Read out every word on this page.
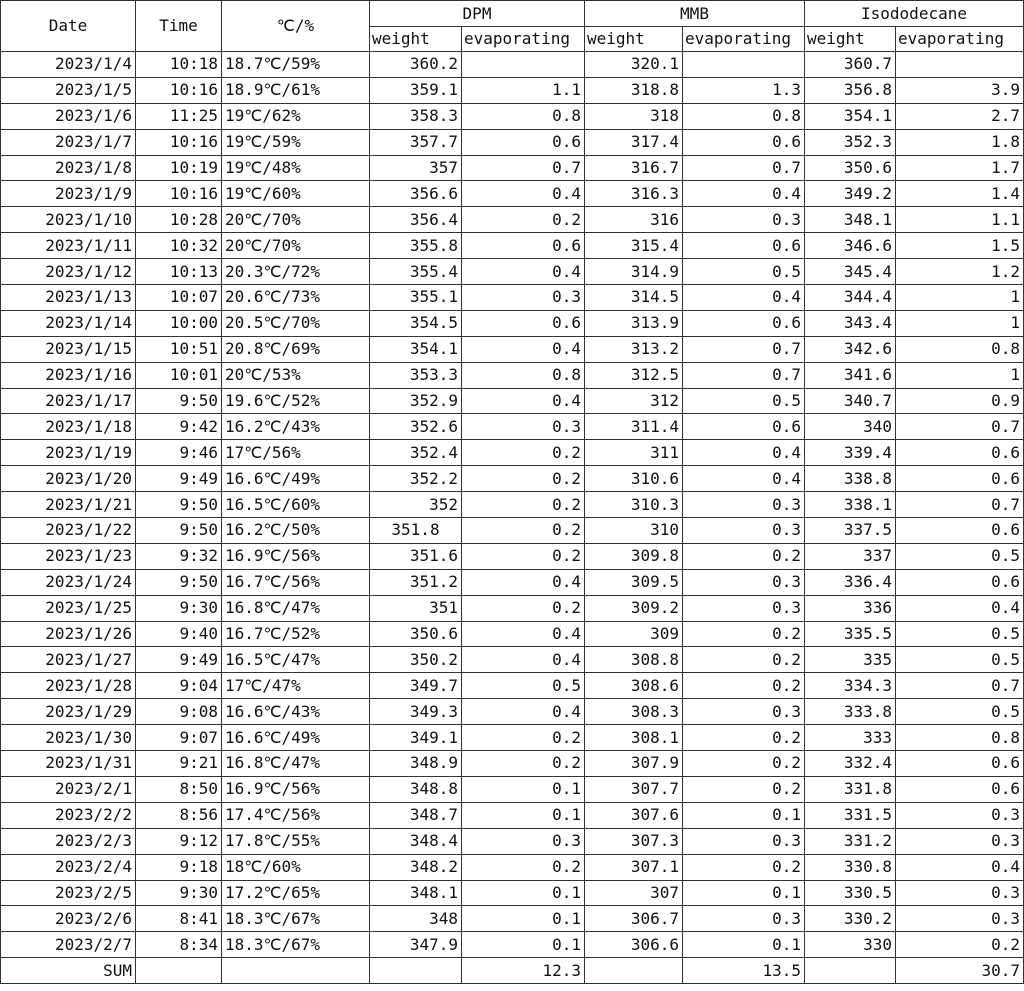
Date	Time	℃/%	DPM		MMB		Isododecane	
			weight	evaporating	weight	evaporating	weight	evaporating
2023/1/4	10:18	18.7℃/59%	360.2		320.1		360.7	
2023/1/5	10:16	18.9℃/61%	359.1	1.1	318.8	1.3	356.8	3.9
2023/1/6	11:25	19℃/62%	358.3	0.8	318	0.8	354.1	2.7
2023/1/7	10:16	19℃/59%	357.7	0.6	317.4	0.6	352.3	1.8
2023/1/8	10:19	19℃/48%	357	0.7	316.7	0.7	350.6	1.7
2023/1/9	10:16	19℃/60%	356.6	0.4	316.3	0.4	349.2	1.4
2023/1/10	10:28	20℃/70%	356.4	0.2	316	0.3	348.1	1.1
2023/1/11	10:32	20℃/70%	355.8	0.6	315.4	0.6	346.6	1.5
2023/1/12	10:13	20.3℃/72%	355.4	0.4	314.9	0.5	345.4	1.2
2023/1/13	10:07	20.6℃/73%	355.1	0.3	314.5	0.4	344.4	1
2023/1/14	10:00	20.5℃/70%	354.5	0.6	313.9	0.6	343.4	1
2023/1/15	10:51	20.8℃/69%	354.1	0.4	313.2	0.7	342.6	0.8
2023/1/16	10:01	20℃/53%	353.3	0.8	312.5	0.7	341.6	1
2023/1/17	9:50	19.6℃/52%	352.9	0.4	312	0.5	340.7	0.9
2023/1/18	9:42	16.2℃/43%	352.6	0.3	311.4	0.6	340	0.7
2023/1/19	9:46	17℃/56%	352.4	0.2	311	0.4	339.4	0.6
2023/1/20	9:49	16.6℃/49%	352.2	0.2	310.6	0.4	338.8	0.6
2023/1/21	9:50	16.5℃/60%	352	0.2	310.3	0.3	338.1	0.7
2023/1/22	9:50	16.2℃/50%	351.8	0.2	310	0.3	337.5	0.6
2023/1/23	9:32	16.9℃/56%	351.6	0.2	309.8	0.2	337	0.5
2023/1/24	9:50	16.7℃/56%	351.2	0.4	309.5	0.3	336.4	0.6
2023/1/25	9:30	16.8℃/47%	351	0.2	309.2	0.3	336	0.4
2023/1/26	9:40	16.7℃/52%	350.6	0.4	309	0.2	335.5	0.5
2023/1/27	9:49	16.5℃/47%	350.2	0.4	308.8	0.2	335	0.5
2023/1/28	9:04	17℃/47%	349.7	0.5	308.6	0.2	334.3	0.7
2023/1/29	9:08	16.6℃/43%	349.3	0.4	308.3	0.3	333.8	0.5
2023/1/30	9:07	16.6℃/49%	349.1	0.2	308.1	0.2	333	0.8
2023/1/31	9:21	16.8℃/47%	348.9	0.2	307.9	0.2	332.4	0.6
2023/2/1	8:50	16.9℃/56%	348.8	0.1	307.7	0.2	331.8	0.6
2023/2/2	8:56	17.4℃/56%	348.7	0.1	307.6	0.1	331.5	0.3
2023/2/3	9:12	17.8℃/55%	348.4	0.3	307.3	0.3	331.2	0.3
2023/2/4	9:18	18℃/60%	348.2	0.2	307.1	0.2	330.8	0.4
2023/2/5	9:30	17.2℃/65%	348.1	0.1	307	0.1	330.5	0.3
2023/2/6	8:41	18.3℃/67%	348	0.1	306.7	0.3	330.2	0.3
2023/2/7	8:34	18.3℃/67%	347.9	0.1	306.6	0.1	330	0.2
SUM				12.3		13.5		30.7
